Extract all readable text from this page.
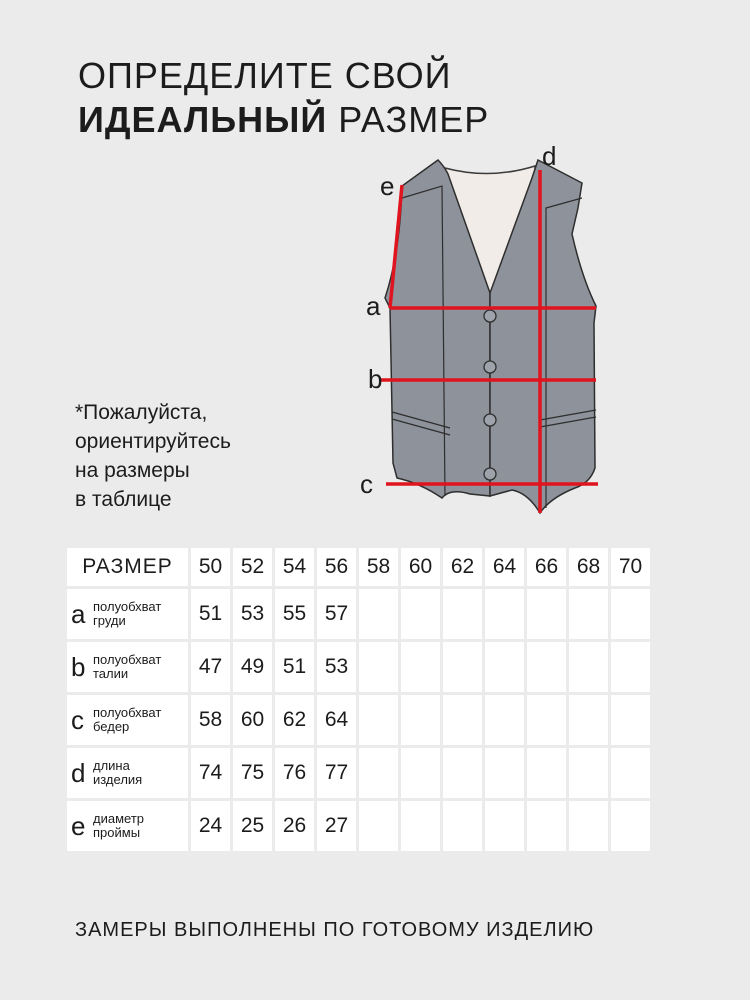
ОПРЕДЕЛИТЕ СВОЙ
ИДЕАЛЬНЫЙ РАЗМЕР
e
d
a
b
c
*Пожалуйста,
ориентируйтесь
на размеры
в таблице
РАЗМЕР	50	52	54	56	58	60	62	64	66	68	70

a полуобхват
груди	51	53	55	57							

b полуобхват
талии	47	49	51	53							

c полуобхват
бедер	58	60	62	64							

d длина
изделия	74	75	76	77							

e диаметр
проймы	24	25	26	27							
ЗАМЕРЫ ВЫПОЛНЕНЫ ПО ГОТОВОМУ ИЗДЕЛИЮ
